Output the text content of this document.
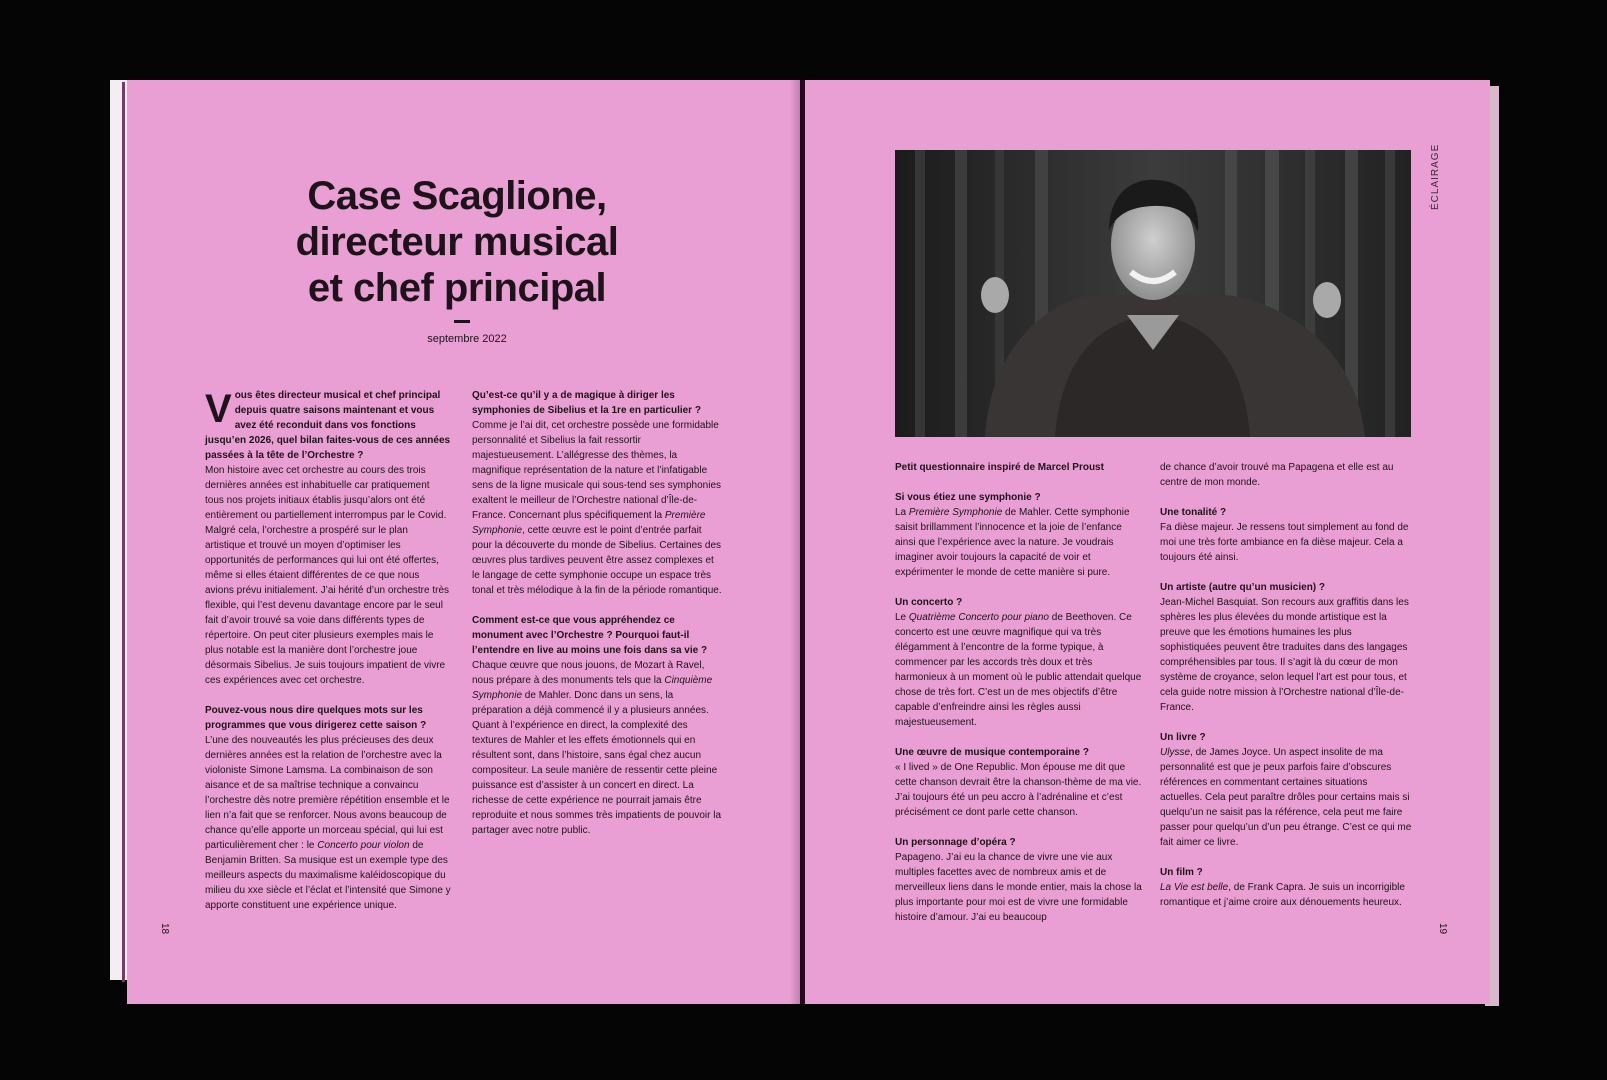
Case Scaglione, directeur musical et chef principal
septembre 2022

V ous êtes directeur musical et chef principal depuis quatre saisons maintenant et vous avez été reconduit dans vos fonctions jusqu’en 2026, quel bilan faites-vous de ces années passées à la tête de l’Orchestre ?
Mon histoire avec cet orchestre au cours des trois dernières années est inhabituelle car pratiquement tous nos projets initiaux établis jusqu’alors ont été entièrement ou partiellement interrompus par le Covid. Malgré cela, l’orchestre a prospéré sur le plan artistique et trouvé un moyen d’optimiser les opportunités de performances qui lui ont été offertes, même si elles étaient différentes de ce que nous avions prévu initialement. J’ai hérité d’un orchestre très flexible, qui l’est devenu davantage encore par le seul fait d’avoir trouvé sa voie dans différents types de répertoire. On peut citer plusieurs exemples mais le plus notable est la manière dont l’orchestre joue désormais Sibelius. Je suis toujours impatient de vivre ces expériences avec cet orchestre.

Pouvez-vous nous dire quelques mots sur les programmes que vous dirigerez cette saison ?
L’une des nouveautés les plus précieuses des deux dernières années est la relation de l’orchestre avec la violoniste Simone Lamsma. La combinaison de son aisance et de sa maîtrise technique a convaincu l’orchestre dès notre première répétition ensemble et le lien n’a fait que se renforcer. Nous avons beaucoup de chance qu’elle apporte un morceau spécial, qui lui est particulièrement cher : le Concerto pour violon de Benjamin Britten. Sa musique est un exemple type des meilleurs aspects du maximalisme kaléidoscopique du milieu du xxe siècle et l’éclat et l’intensité que Simone y apporte constituent une expérience unique.

Qu’est-ce qu’il y a de magique à diriger les symphonies de Sibelius et la 1re en particulier ?
Comme je l’ai dit, cet orchestre possède une formidable personnalité et Sibelius la fait ressortir majestueusement. L’allégresse des thèmes, la magnifique représentation de la nature et l’infatigable sens de la ligne musicale qui sous-tend ses symphonies exaltent le meilleur de l’Orchestre national d’Île-de-France. Concernant plus spécifiquement la Première Symphonie, cette œuvre est le point d’entrée parfait pour la découverte du monde de Sibelius. Certaines des œuvres plus tardives peuvent être assez complexes et le langage de cette symphonie occupe un espace très tonal et très mélodique à la fin de la période romantique.

Comment est-ce que vous appréhendez ce monument avec l’Orchestre ? Pourquoi faut-il l’entendre en live au moins une fois dans sa vie ?
Chaque œuvre que nous jouons, de Mozart à Ravel, nous prépare à des monuments tels que la Cinquième Symphonie de Mahler. Donc dans un sens, la préparation a déjà commencé il y a plusieurs années. Quant à l’expérience en direct, la complexité des textures de Mahler et les effets émotionnels qui en résultent sont, dans l’histoire, sans égal chez aucun compositeur. La seule manière de ressentir cette pleine puissance est d’assister à un concert en direct. La richesse de cette expérience ne pourrait jamais être reproduite et nous sommes très impatients de pouvoir la partager avec notre public.

18

Petit questionnaire inspiré de Marcel Proust

Si vous étiez une symphonie ?
La Première Symphonie de Mahler. Cette symphonie saisit brillamment l’innocence et la joie de l’enfance ainsi que l’expérience avec la nature. Je voudrais imaginer avoir toujours la capacité de voir et expérimenter le monde de cette manière si pure.

Un concerto ?
Le Quatrième Concerto pour piano de Beethoven. Ce concerto est une œuvre magnifique qui va très élégamment à l’encontre de la forme typique, à commencer par les accords très doux et très harmonieux à un moment où le public attendait quelque chose de très fort. C’est un de mes objectifs d’être capable d’enfreindre ainsi les règles aussi majestueusement.

Une œuvre de musique contemporaine ?
« I lived » de One Republic. Mon épouse me dit que cette chanson devrait être la chanson-thème de ma vie. J’ai toujours été un peu accro à l’adrénaline et c’est précisément ce dont parle cette chanson.

Un personnage d’opéra ?
Papageno. J’ai eu la chance de vivre une vie aux multiples facettes avec de nombreux amis et de merveilleux liens dans le monde entier, mais la chose la plus importante pour moi est de vivre une formidable histoire d’amour. J’ai eu beaucoup

de chance d’avoir trouvé ma Papagena et elle est au centre de mon monde.

Une tonalité ?
Fa dièse majeur. Je ressens tout simplement au fond de moi une très forte ambiance en fa dièse majeur. Cela a toujours été ainsi.

Un artiste (autre qu’un musicien) ?
Jean-Michel Basquiat. Son recours aux graffitis dans les sphères les plus élevées du monde artistique est la preuve que les émotions humaines les plus sophistiquées peuvent être traduites dans des langages compréhensibles par tous. Il s’agit là du cœur de mon système de croyance, selon lequel l’art est pour tous, et cela guide notre mission à l’Orchestre national d’Île-de-France.

Un livre ?
Ulysse, de James Joyce. Un aspect insolite de ma personnalité est que je peux parfois faire d’obscures références en commentant certaines situations actuelles. Cela peut paraître drôles pour certains mais si quelqu’un ne saisit pas la référence, cela peut me faire passer pour quelqu’un d’un peu étrange. C’est ce qui me fait aimer ce livre.

Un film ?
La Vie est belle, de Frank Capra. Je suis un incorrigible romantique et j’aime croire aux dénouements heureux.

ÉCLAIRAGE
19
